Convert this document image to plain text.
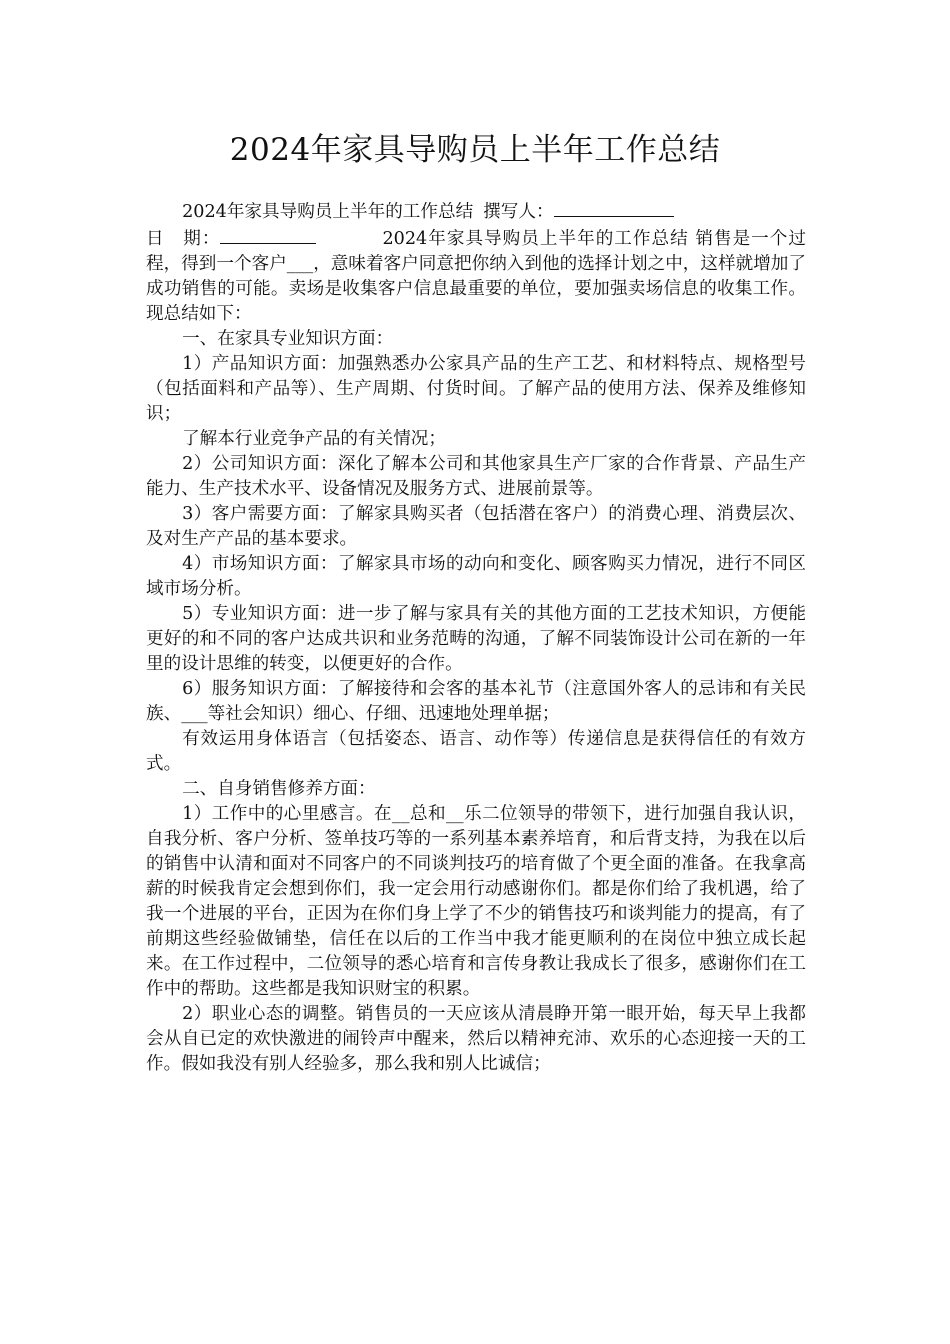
2024年家具导购员上半年工作总结

2024年家具导购员上半年的工作总结 撰写人：

日　期：	2024年家具导购员上半年的工作总结 销售是一个过程，得到一个客户___，意味着客户同意把你纳入到他的选择计划之中，这样就增加了成功销售的可能。卖场是收集客户信息最重要的单位，要加强卖场信息的收集工作。现总结如下：

一、在家具专业知识方面：

1）产品知识方面：加强熟悉办公家具产品的生产工艺、和材料特点、规格型号（包括面料和产品等）、生产周期、付货时间。了解产品的使用方法、保养及维修知识；

了解本行业竞争产品的有关情况；

2）公司知识方面：深化了解本公司和其他家具生产厂家的合作背景、产品生产能力、生产技术水平、设备情况及服务方式、进展前景等。

3）客户需要方面：了解家具购买者（包括潜在客户）的消费心理、消费层次、及对生产产品的基本要求。

4）市场知识方面：了解家具市场的动向和变化、顾客购买力情况，进行不同区域市场分析。

5）专业知识方面：进一步了解与家具有关的其他方面的工艺技术知识，方便能更好的和不同的客户达成共识和业务范畴的沟通，了解不同装饰设计公司在新的一年里的设计思维的转变，以便更好的合作。

6）服务知识方面：了解接待和会客的基本礼节（注意国外客人的忌讳和有关民族、___等社会知识）细心、仔细、迅速地处理单据；

有效运用身体语言（包括姿态、语言、动作等）传递信息是获得信任的有效方式。

二、自身销售修养方面：

1）工作中的心里感言。在__总和__乐二位领导的带领下，进行加强自我认识，自我分析、客户分析、签单技巧等的一系列基本素养培育，和后背支持，为我在以后的销售中认清和面对不同客户的不同谈判技巧的培育做了个更全面的准备。在我拿高薪的时候我肯定会想到你们，我一定会用行动感谢你们。都是你们给了我机遇，给了我一个进展的平台，正因为在你们身上学了不少的销售技巧和谈判能力的提高，有了前期这些经验做铺垫，信任在以后的工作当中我才能更顺利的在岗位中独立成长起来。在工作过程中，二位领导的悉心培育和言传身教让我成长了很多，感谢你们在工作中的帮助。这些都是我知识财宝的积累。

2）职业心态的调整。销售员的一天应该从清晨睁开第一眼开始，每天早上我都会从自已定的欢快激进的闹铃声中醒来，然后以精神充沛、欢乐的心态迎接一天的工作。假如我没有别人经验多，那么我和别人比诚信；
